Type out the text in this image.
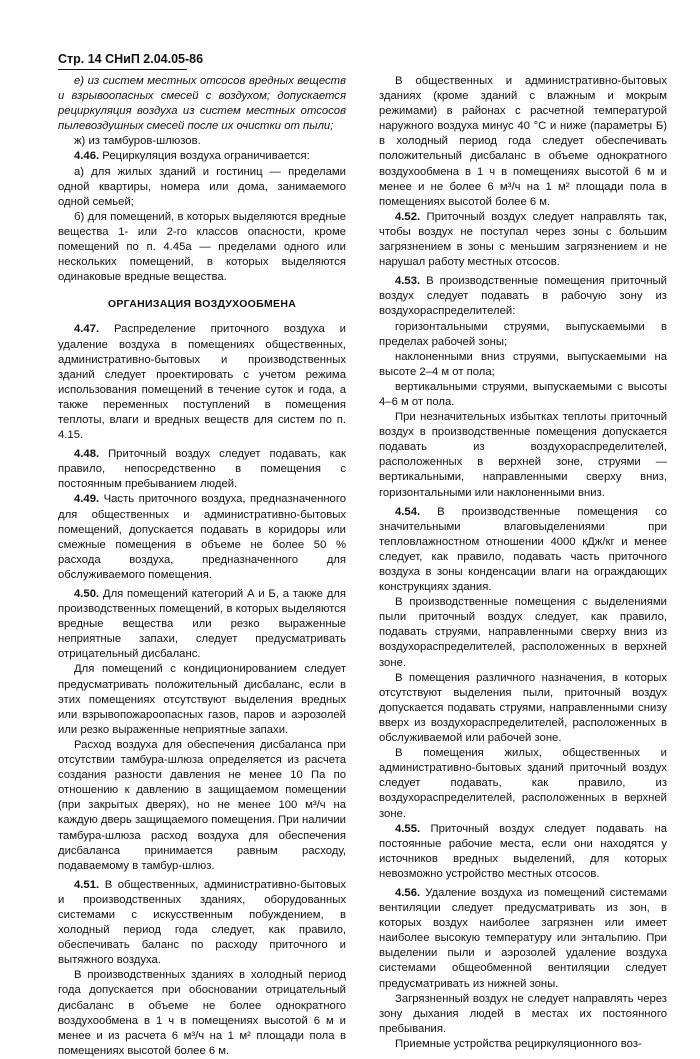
Стр. 14 СНиП 2.04.05-86

е) из систем местных отсосов вредных веществ и взрывоопасных смесей с воздухом; допускается рециркуляция воздуха из систем местных отсосов пылевоздушных смесей после их очистки от пыли;

ж) из тамбуров-шлюзов.

4.46. Рециркуляция воздуха ограничивается:

а) для жилых зданий и гостиниц — пределами одной квартиры, номера или дома, занимаемого одной семьей;

б) для помещений, в которых выделяются вредные вещества 1- или 2-го классов опасности, кроме помещений по п. 4.45а — пределами одного или нескольких помещений, в которых выделяются одинаковые вредные вещества.

ОРГАНИЗАЦИЯ ВОЗДУХООБМЕНА

4.47. Распределение приточного воздуха и удаление воздуха в помещениях общественных, административно-бытовых и производственных зданий следует проектировать с учетом режима использования помещений в течение суток и года, а также переменных поступлений в помещения теплоты, влаги и вредных веществ для систем по п. 4.15.

4.48. Приточный воздух следует подавать, как правило, непосредственно в помещения с постоянным пребыванием людей.

4.49. Часть приточного воздуха, предназначенного для общественных и административно-бытовых помещений, допускается подавать в коридоры или смежные помещения в объеме не более 50 % расхода воздуха, предназначенного для обслуживаемого помещения.

4.50. Для помещений категорий А и Б, а также для производственных помещений, в которых выделяются вредные вещества или резко выраженные неприятные запахи, следует предусматривать отрицательный дисбаланс.

Для помещений с кондиционированием следует предусматривать положительный дисбаланс, если в этих помещениях отсутствуют выделения вредных или взрывопожароопасных газов, паров и аэрозолей или резко выраженные неприятные запахи.

Расход воздуха для обеспечения дисбаланса при отсутствии тамбура-шлюза определяется из расчета создания разности давления не менее 10 Па по отношению к давлению в защищаемом помещении (при закрытых дверях), но не менее 100 м³/ч на каждую дверь защищаемого помещения. При наличии тамбура-шлюза расход воздуха для обеспечения дисбаланса принимается равным расходу, подаваемому в тамбур-шлюз.

4.51. В общественных, административно-бытовых и производственных зданиях, оборудованных системами с искусственным побуждением, в холодный период года следует, как правило, обеспечивать баланс по расходу приточного и вытяжного воздуха.

В производственных зданиях в холодный период года допускается при обосновании отрицательный дисбаланс в объеме не более однократного воздухообмена в 1 ч в помещениях высотой 6 м и менее и из расчета 6 м³/ч на 1 м² площади пола в помещениях высотой более 6 м.

В общественных и административно-бытовых зданиях (кроме зданий с влажным и мокрым режимами) в районах с расчетной температурой наружного воздуха минус 40 °С и ниже (параметры Б) в холодный период года следует обеспечивать положительный дисбаланс в объеме однократного воздухообмена в 1 ч в помещениях высотой 6 м и менее и не более 6 м³/ч на 1 м² площади пола в помещениях высотой более 6 м.

4.52. Приточный воздух следует направлять так, чтобы воздух не поступал через зоны с большим загрязнением в зоны с меньшим загрязнением и не нарушал работу местных отсосов.

4.53. В производственные помещения приточный воздух следует подавать в рабочую зону из воздухораспределителей:

горизонтальными струями, выпускаемыми в пределах рабочей зоны;

наклоненными вниз струями, выпускаемыми на высоте 2–4 м от пола;

вертикальными струями, выпускаемыми с высоты 4–6 м от пола.

При незначительных избытках теплоты приточный воздух в производственные помещения допускается подавать из воздухораспределителей, расположенных в верхней зоне, струями — вертикальными, направленными сверху вниз, горизонтальными или наклоненными вниз.

4.54. В производственные помещения со значительными влаговыделениями при тепловлажностном отношении 4000 кДж/кг и менее следует, как правило, подавать часть приточного воздуха в зоны конденсации влаги на ограждающих конструкциях здания.

В производственные помещения с выделениями пыли приточный воздух следует, как правило, подавать струями, направленными сверху вниз из воздухораспределителей, расположенных в верхней зоне.

В помещения различного назначения, в которых отсутствуют выделения пыли, приточный воздух допускается подавать струями, направленными снизу вверх из воздухораспределителей, расположенных в обслуживаемой или рабочей зоне.

В помещения жилых, общественных и административно-бытовых зданий приточный воздух следует подавать, как правило, из воздухораспределителей, расположенных в верхней зоне.

4.55. Приточный воздух следует подавать на постоянные рабочие места, если они находятся у источников вредных выделений, для которых невозможно устройство местных отсосов.

4.56. Удаление воздуха из помещений системами вентиляции следует предусматривать из зон, в которых воздух наиболее загрязнен или имеет наиболее высокую температуру или энтальпию. При выделении пыли и аэрозолей удаление воздуха системами общеобменной вентиляции следует предусматривать из нижней зоны.

Загрязненный воздух не следует направлять через зону дыхания людей в местах их постоянного пребывания.

Приемные устройства рециркуляционного воз-
